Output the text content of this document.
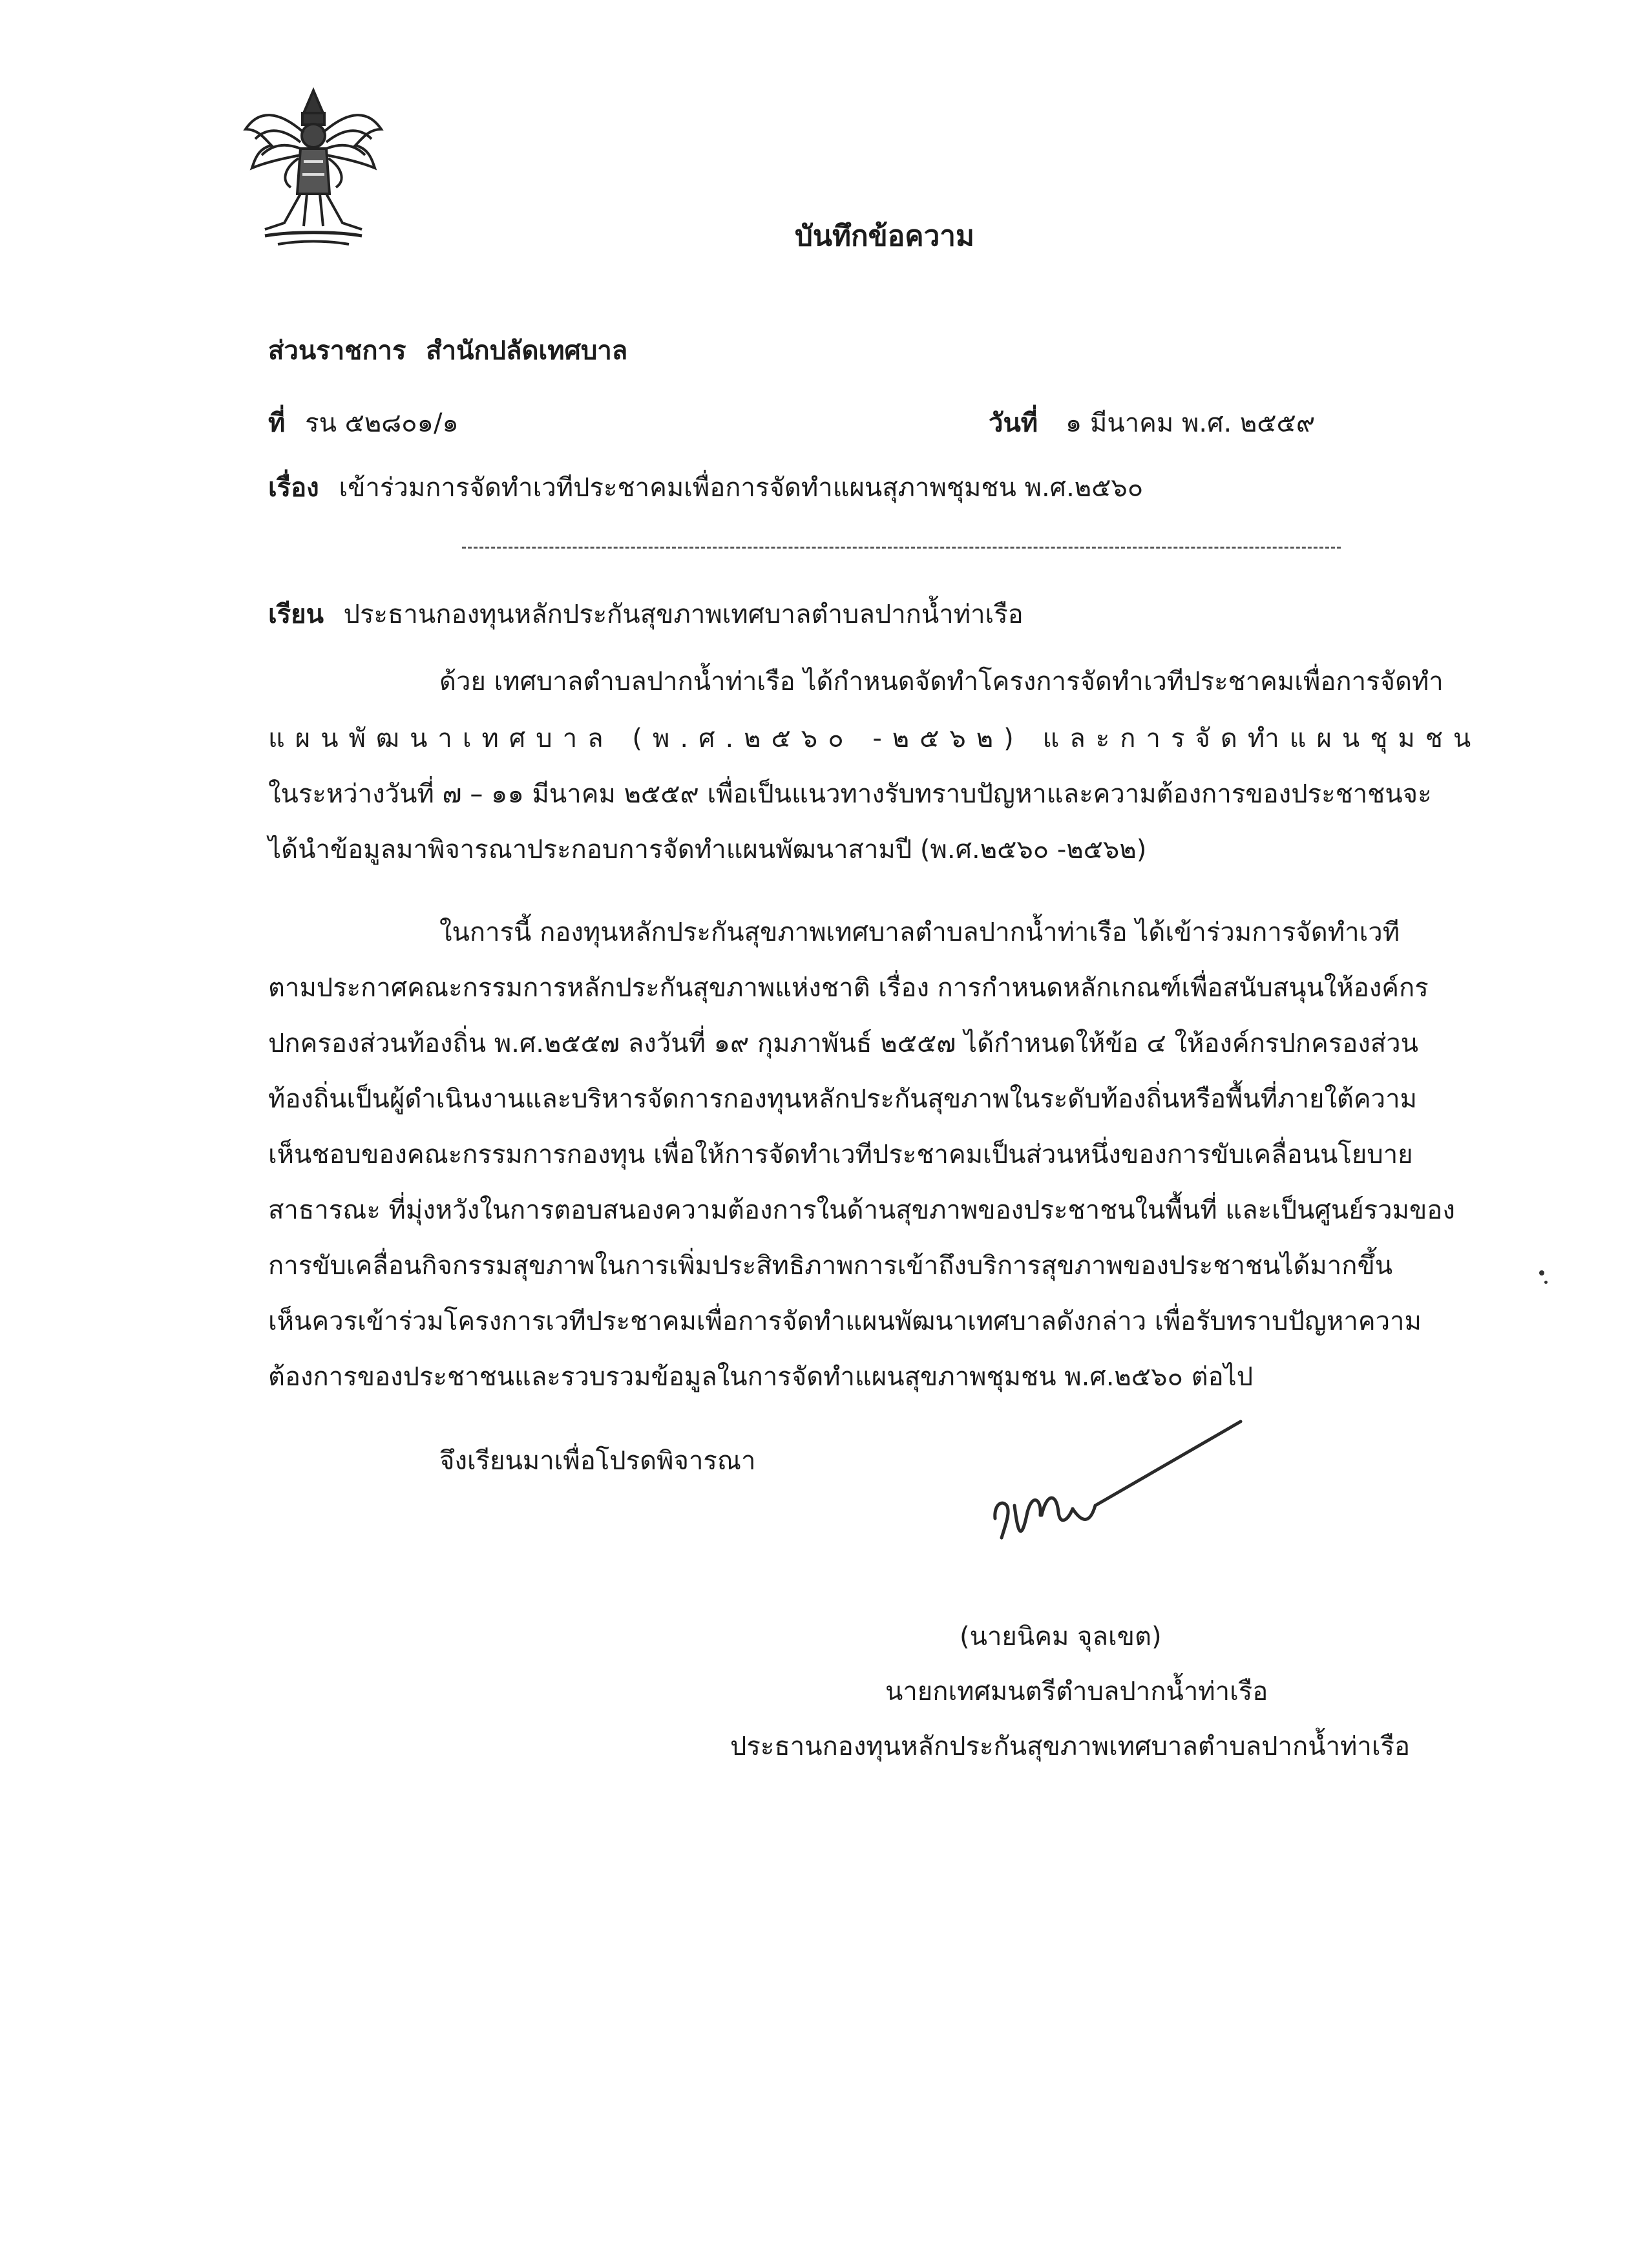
บันทึกข้อความ
ส่วนราชการ สำนักปลัดเทศบาล
ที่ รน ๕๒๘๐๑/๑	วันที่ ๑ มีนาคม พ.ศ. ๒๕๕๙
เรื่อง เข้าร่วมการจัดทำเวทีประชาคมเพื่อการจัดทำแผนสุภาพชุมชน พ.ศ.๒๕๖๐
เรียน ประธานกองทุนหลักประกันสุขภาพเทศบาลตำบลปากน้ำท่าเรือ
ด้วย เทศบาลตำบลปากน้ำท่าเรือ ได้กำหนดจัดทำโครงการจัดทำเวทีประชาคมเพื่อการจัดทำ
แผนพัฒนาเทศบาล (พ.ศ.๒๕๖๐ -๒๕๖๒) และการจัดทำแผนชุมชน
ในระหว่างวันที่ ๗ – ๑๑ มีนาคม ๒๕๕๙ เพื่อเป็นแนวทางรับทราบปัญหาและความต้องการของประชาชนจะ
ได้นำข้อมูลมาพิจารณาประกอบการจัดทำแผนพัฒนาสามปี (พ.ศ.๒๕๖๐ -๒๕๖๒)
ในการนี้ กองทุนหลักประกันสุขภาพเทศบาลตำบลปากน้ำท่าเรือ ได้เข้าร่วมการจัดทำเวที
ตามประกาศคณะกรรมการหลักประกันสุขภาพแห่งชาติ เรื่อง การกำหนดหลักเกณฑ์เพื่อสนับสนุนให้องค์กร
ปกครองส่วนท้องถิ่น พ.ศ.๒๕๕๗ ลงวันที่ ๑๙ กุมภาพันธ์ ๒๕๕๗ ได้กำหนดให้ข้อ ๔ ให้องค์กรปกครองส่วน
ท้องถิ่นเป็นผู้ดำเนินงานและบริหารจัดการกองทุนหลักประกันสุขภาพในระดับท้องถิ่นหรือพื้นที่ภายใต้ความ
เห็นชอบของคณะกรรมการกองทุน เพื่อให้การจัดทำเวทีประชาคมเป็นส่วนหนึ่งของการขับเคลื่อนนโยบาย
สาธารณะ ที่มุ่งหวังในการตอบสนองความต้องการในด้านสุขภาพของประชาชนในพื้นที่ และเป็นศูนย์รวมของ
การขับเคลื่อนกิจกรรมสุขภาพในการเพิ่มประสิทธิภาพการเข้าถึงบริการสุขภาพของประชาชนได้มากขึ้น
เห็นควรเข้าร่วมโครงการเวทีประชาคมเพื่อการจัดทำแผนพัฒนาเทศบาลดังกล่าว เพื่อรับทราบปัญหาความ
ต้องการของประชาชนและรวบรวมข้อมูลในการจัดทำแผนสุขภาพชุมชน พ.ศ.๒๕๖๐ ต่อไป
จึงเรียนมาเพื่อโปรดพิจารณา
(นายนิคม จุลเขต)
นายกเทศมนตรีตำบลปากน้ำท่าเรือ
ประธานกองทุนหลักประกันสุขภาพเทศบาลตำบลปากน้ำท่าเรือ
